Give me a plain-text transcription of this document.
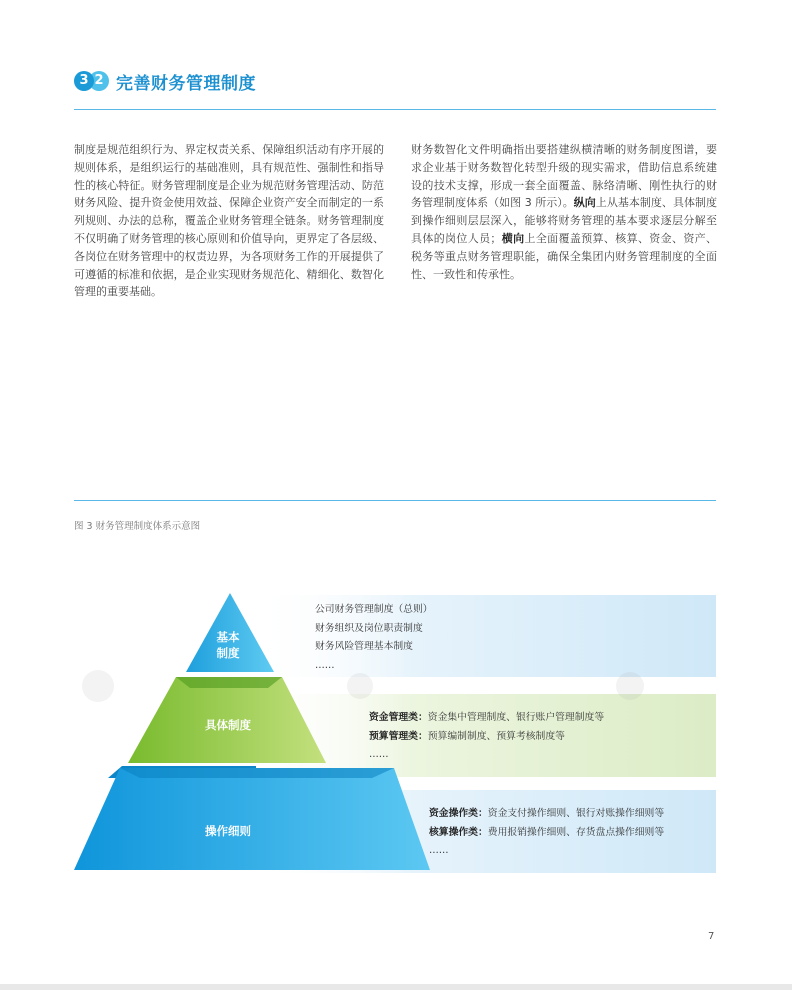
3 2 完善财务管理制度

制度是规范组织行为、界定权责关系、保障组织活动有序开展的规则体系，是组织运行的基础准则，具有规范性、强制性和指导性的核心特征。财务管理制度是企业为规范财务管理活动、防范财务风险、提升资金使用效益、保障企业资产安全而制定的一系列规则、办法的总称，覆盖企业财务管理全链条。财务管理制度不仅明确了财务管理的核心原则和价值导向，更界定了各层级、各岗位在财务管理中的权责边界，为各项财务工作的开展提供了可遵循的标准和依据，是企业实现财务规范化、精细化、数智化管理的重要基础。

财务数智化文件明确指出要搭建纵横清晰的财务制度图谱，要求企业基于财务数智化转型升级的现实需求，借助信息系统建设的技术支撑，形成一套全面覆盖、脉络清晰、刚性执行的财务管理制度体系（如图 3 所示）。纵向上从基本制度、具体制度到操作细则层层深入，能够将财务管理的基本要求逐层分解至具体的岗位人员；横向上全面覆盖预算、核算、资金、资产、税务等重点财务管理职能，确保全集团内财务管理制度的全面性、一致性和传承性。

图 3 财务管理制度体系示意图
基本
制度
具体制度
操作细则
公司财务管理制度（总则）
财务组织及岗位职责制度
财务风险管理基本制度
……
资金管理类：资金集中管理制度、银行账户管理制度等
预算管理类：预算编制制度、预算考核制度等
……
资金操作类：资金支付操作细则、银行对账操作细则等
核算操作类：费用报销操作细则、存货盘点操作细则等
……
7
